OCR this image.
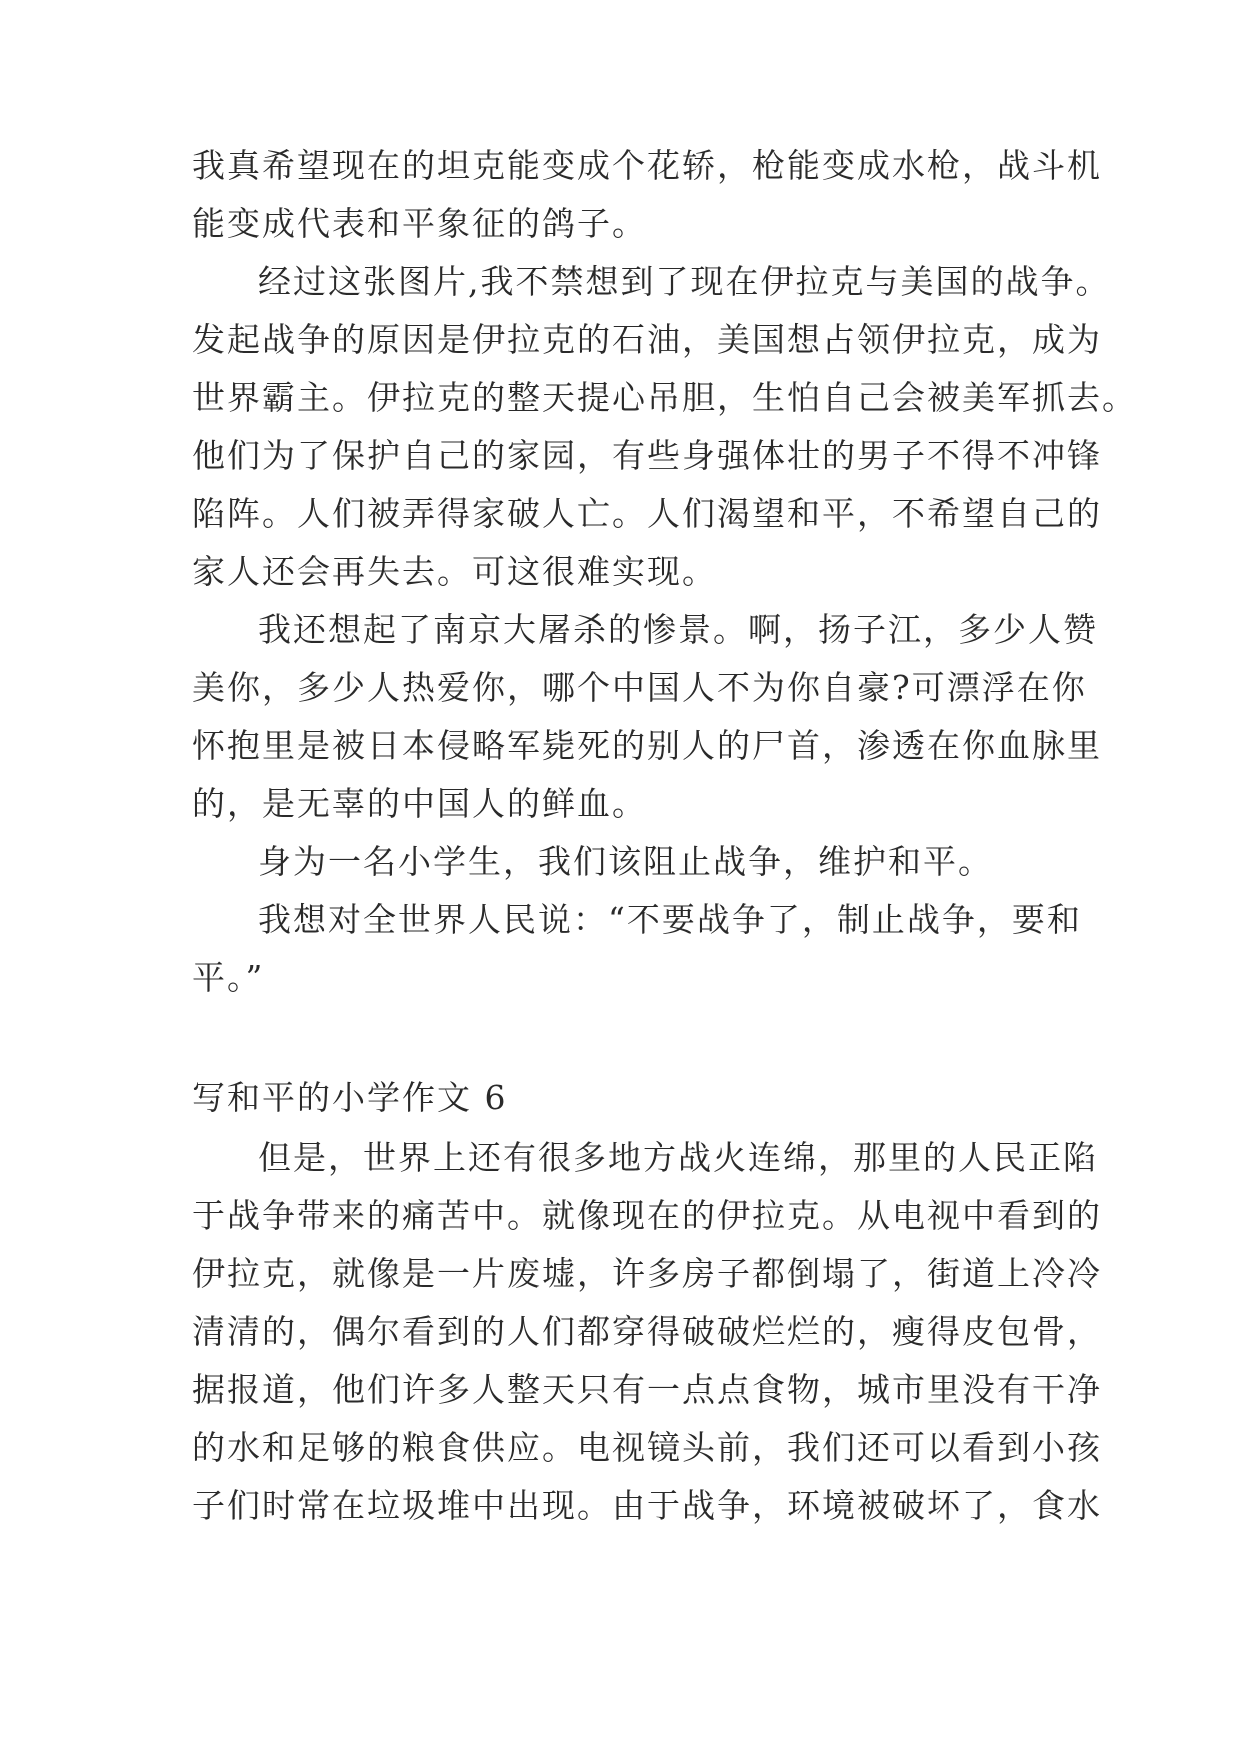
我真希望现在的坦克能变成个花轿，枪能变成水枪，战斗机
能变成代表和平象征的鸽子。
经过这张图片,我不禁想到了现在伊拉克与美国的战争。
发起战争的原因是伊拉克的石油，美国想占领伊拉克，成为
世界霸主。伊拉克的整天提心吊胆，生怕自己会被美军抓去。
他们为了保护自己的家园，有些身强体壮的男子不得不冲锋
陷阵。人们被弄得家破人亡。人们渴望和平，不希望自己的
家人还会再失去。可这很难实现。
我还想起了南京大屠杀的惨景。啊，扬子江，多少人赞
美你，多少人热爱你，哪个中国人不为你自豪?可漂浮在你
怀抱里是被日本侵略军毙死的别人的尸首，渗透在你血脉里
的，是无辜的中国人的鲜血。
身为一名小学生，我们该阻止战争，维护和平。
我想对全世界人民说：“不要战争了，制止战争，要和
平。”
写和平的小学作文 6
但是，世界上还有很多地方战火连绵，那里的人民正陷
于战争带来的痛苦中。就像现在的伊拉克。从电视中看到的
伊拉克，就像是一片废墟，许多房子都倒塌了，街道上冷冷
清清的，偶尔看到的人们都穿得破破烂烂的，瘦得皮包骨，
据报道，他们许多人整天只有一点点食物，城市里没有干净
的水和足够的粮食供应。电视镜头前，我们还可以看到小孩
子们时常在垃圾堆中出现。由于战争，环境被破坏了，食水
